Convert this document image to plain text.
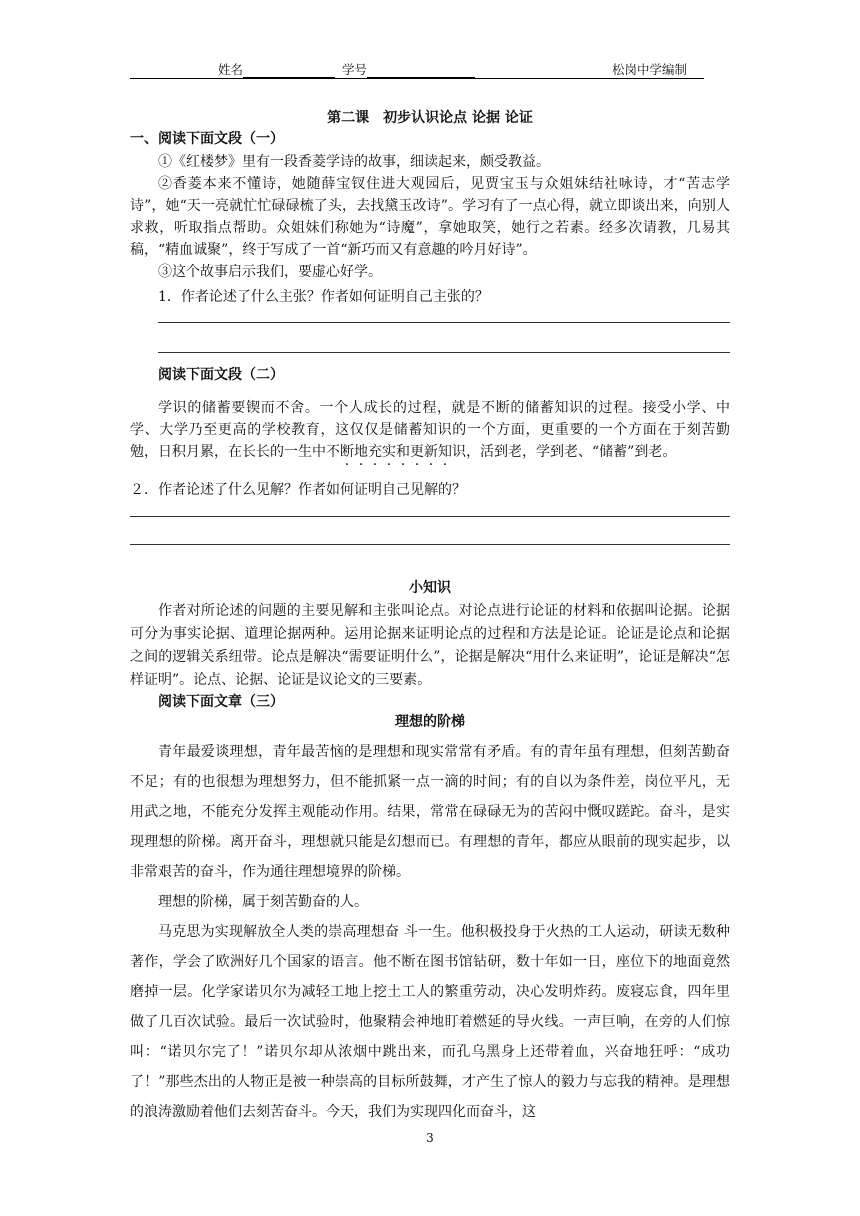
姓名	学号	松岗中学编制
第二课　初步认识论点 论据 论证
一、阅读下面文段（一）

①《红楼梦》里有一段香菱学诗的故事，细读起来，颇受教益。

②香菱本来不懂诗，她随薛宝钗住进大观园后，见贾宝玉与众姐妹结社咏诗，才“苦志学诗”，她“天一亮就忙忙碌碌梳了头，去找黛玉改诗”。学习有了一点心得，就立即谈出来，向别人求救，听取指点帮助。众姐妹们称她为“诗魔”，拿她取笑，她行之若素。经多次请教，几易其稿，“精血诚聚”，终于写成了一首“新巧而又有意趣的吟月好诗”。

③这个故事启示我们，要虚心好学。

1．作者论述了什么主张？作者如何证明自己主张的？
阅读下面文段（二）

学识的储蓄要锲而不舍。一个人成长的过程，就是不断的储蓄知识的过程。接受小学、中学、大学乃至更高的学校教育，这仅仅是储蓄知识的一个方面，更重要的一个方面在于刻苦勤勉，日积月累，在长长的一生中不断地充实和更新知识，活到老，学到老、“储蓄”到老。

２．作者论述了什么见解？作者如何证明自己见解的？
小知识

作者对所论述的问题的主要见解和主张叫论点。对论点进行论证的材料和依据叫论据。论据可分为事实论据、道理论据两种。运用论据来证明论点的过程和方法是论证。论证是论点和论据之间的逻辑关系纽带。论点是解决“需要证明什么”，论据是解决“用什么来证明”，论证是解决“怎样证明”。论点、论据、论证是议论文的三要素。

阅读下面文章（三）
理想的阶梯

青年最爱谈理想，青年最苦恼的是理想和现实常常有矛盾。有的青年虽有理想，但刻苦勤奋不足；有的也很想为理想努力，但不能抓紧一点一滴的时间；有的自以为条件差，岗位平凡，无用武之地，不能充分发挥主观能动作用。结果，常常在碌碌无为的苦闷中慨叹蹉跎。奋斗，是实现理想的阶梯。离开奋斗，理想就只能是幻想而已。有理想的青年，都应从眼前的现实起步，以非常艰苦的奋斗，作为通往理想境界的阶梯。

理想的阶梯，属于刻苦勤奋的人。

马克思为实现解放全人类的崇高理想奋 斗一生。他积极投身于火热的工人运动，研读无数种著作，学会了欧洲好几个国家的语言。他不断在图书馆钻研，数十年如一日，座位下的地面竟然磨掉一层。化学家诺贝尔为减轻工地上挖土工人的繁重劳动，决心发明炸药。废寝忘食，四年里做了几百次试验。最后一次试验时，他聚精会神地盯着燃延的导火线。一声巨响，在旁的人们惊叫：“诺贝尔完了！”诺贝尔却从浓烟中跳出来，而孔乌黑身上还带着血，兴奋地狂呼：“成功了！”那些杰出的人物正是被一种崇高的目标所鼓舞，才产生了惊人的毅力与忘我的精神。是理想的浪涛激励着他们去刻苦奋斗。今天，我们为实现四化而奋斗，这

3
